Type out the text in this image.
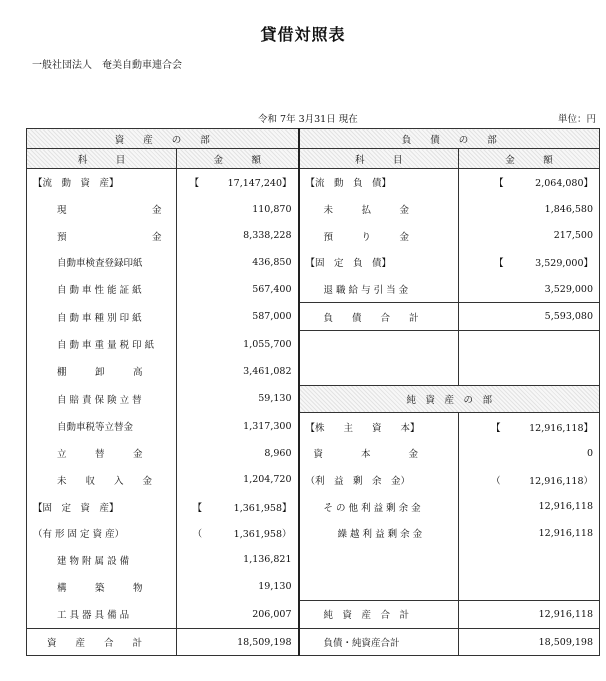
貸借対照表
一般社団法人　奄美自動車連合会
令和 7年 3月31日 現在	単位：円
資　　産　　の　　部		負　　債　　の　　部	
科　　　目	金　　　額	科　　　目	金　　　額
【流　動　資　産】	【　　　17,147,240】	【流　動　負　債】	【　　　 2,064,080】
現　　　　　　　　　金	110,870	未　　　払　　　金	1,846,580
預　　　　　　　　　金	8,338,228	預　　　り　　　金	217,500
自動車検査登録印紙	436,850	【固　定　負　債】	【　　　 3,529,000】
自 動 車 性 能 証 紙	567,400	退 職 給 与 引 当 金	3,529,000
自 動 車 種 別 印 紙	587,000	負　　債　　合　　計	5,593,080
自 動 車 重 量 税 印 紙	1,055,700		
棚　　　卸　　　高	3,461,082		
自 賠 責 保 険 立 替	59,130	純　資　産　の　部	
自動車税等立替金	1,317,300	【株　　主　　資　　本】	【　　　12,916,118】
立　　　替　　　金	8,960	資　　　　本　　　　金	0
未　　収　　入　　金	1,204,720	（利　益　剰　余　金）	（　　　12,916,118）
【固　定　資　産】	【　　　 1,361,958】	そ の 他 利 益 剰 余 金	12,916,118
（有 形 固 定 資 産）	（　　　 1,361,958）	繰 越 利 益 剰 余 金	12,916,118
建 物 附 属 設 備	1,136,821		
構　　　築　　　物	19,130		
工 具 器 具 備 品	206,007	純　資　産　合　計	12,916,118
資　　産　　合　　計	18,509,198	負債・純資産合計	18,509,198
